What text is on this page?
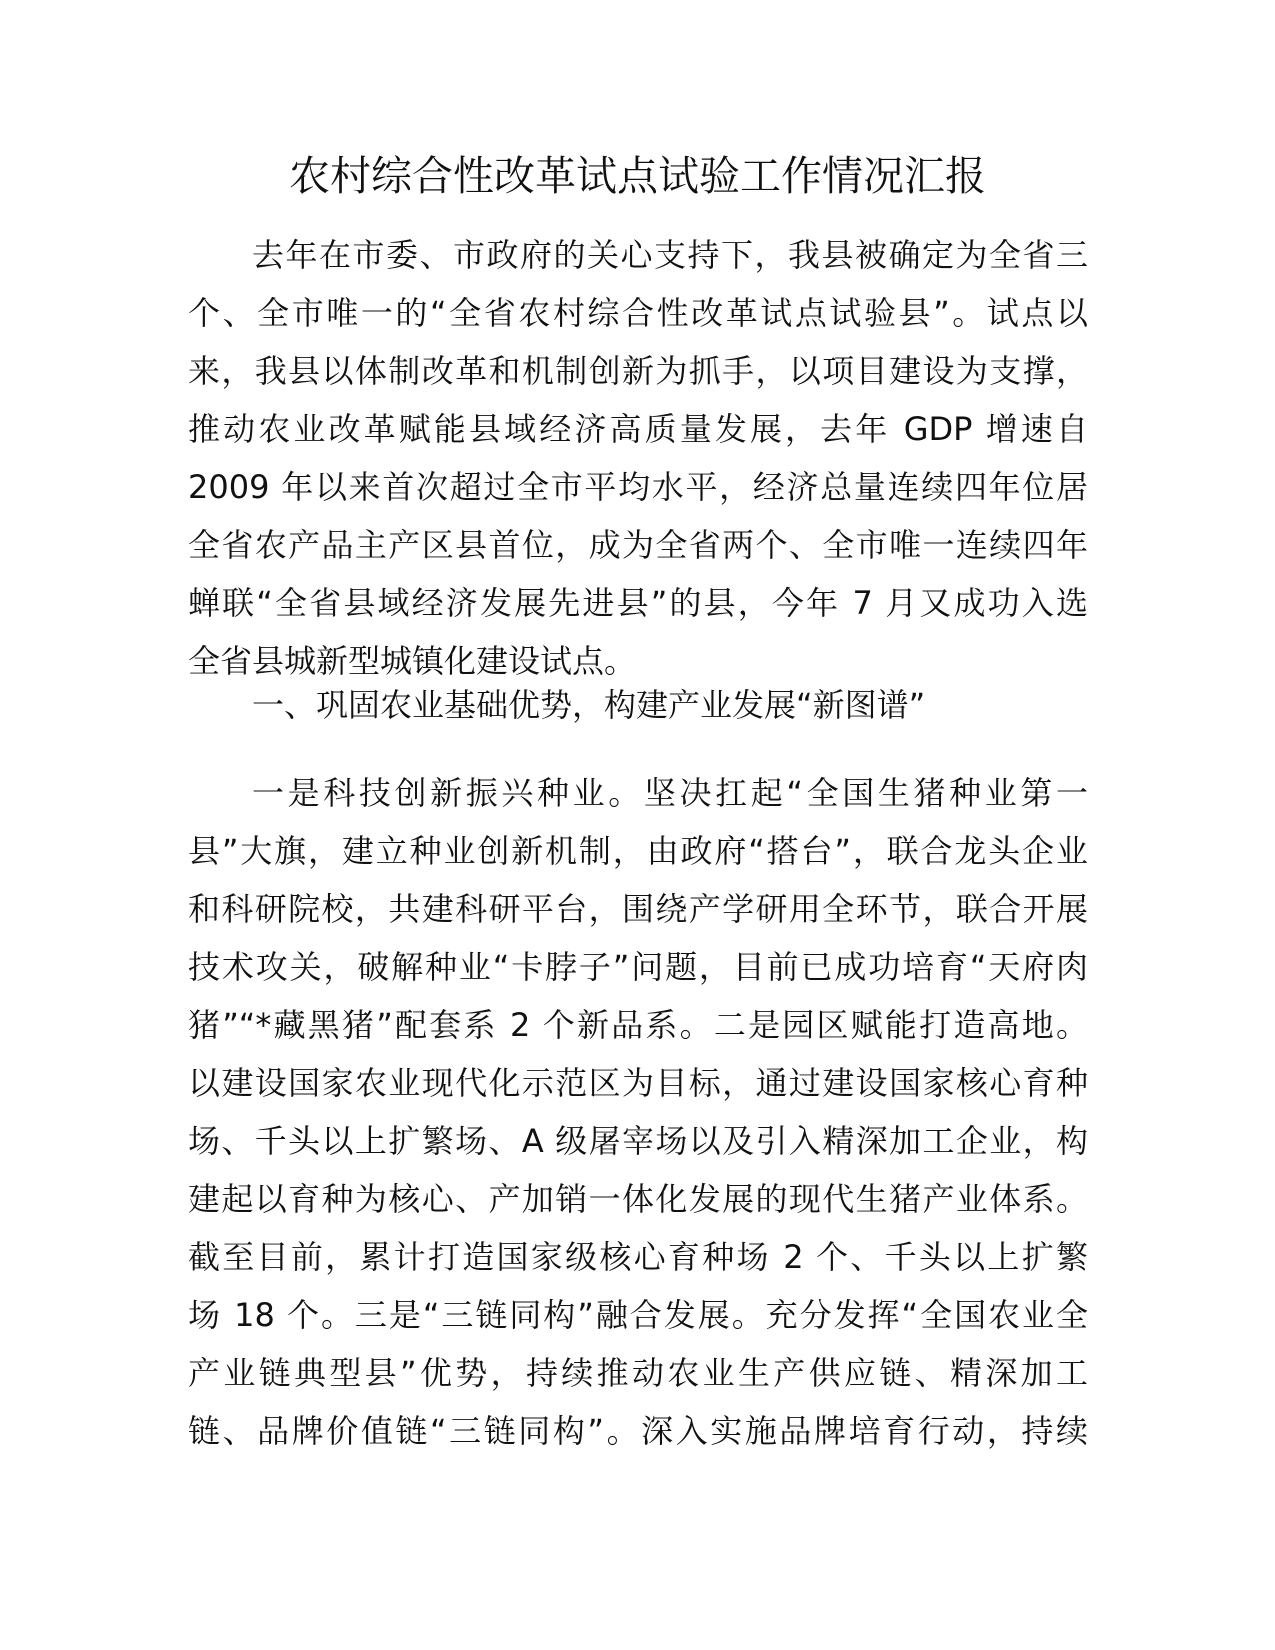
农村综合性改革试点试验工作情况汇报
去年在市委、市政府的关心支持下，我县被确定为全省三
个、全市唯一的“全省农村综合性改革试点试验县”。试点以
来，我县以体制改革和机制创新为抓手，以项目建设为支撑，
推动农业改革赋能县域经济高质量发展，去年 GDP 增速自
2009 年以来首次超过全市平均水平，经济总量连续四年位居
全省农产品主产区县首位，成为全省两个、全市唯一连续四年
蝉联“全省县域经济发展先进县”的县，今年 7 月又成功入选
全省县城新型城镇化建设试点。
一、巩固农业基础优势，构建产业发展“新图谱”
一是科技创新振兴种业。坚决扛起“全国生猪种业第一
县”大旗，建立种业创新机制，由政府“搭台”，联合龙头企业
和科研院校，共建科研平台，围绕产学研用全环节，联合开展
技术攻关，破解种业“卡脖子”问题，目前已成功培育“天府肉
猪”“*藏黑猪”配套系 2 个新品系。二是园区赋能打造高地。
以建设国家农业现代化示范区为目标，通过建设国家核心育种
场、千头以上扩繁场、A 级屠宰场以及引入精深加工企业，构
建起以育种为核心、产加销一体化发展的现代生猪产业体系。
截至目前，累计打造国家级核心育种场 2 个、千头以上扩繁
场 18 个。三是“三链同构”融合发展。充分发挥“全国农业全
产业链典型县”优势，持续推动农业生产供应链、精深加工
链、品牌价值链“三链同构”。深入实施品牌培育行动，持续
